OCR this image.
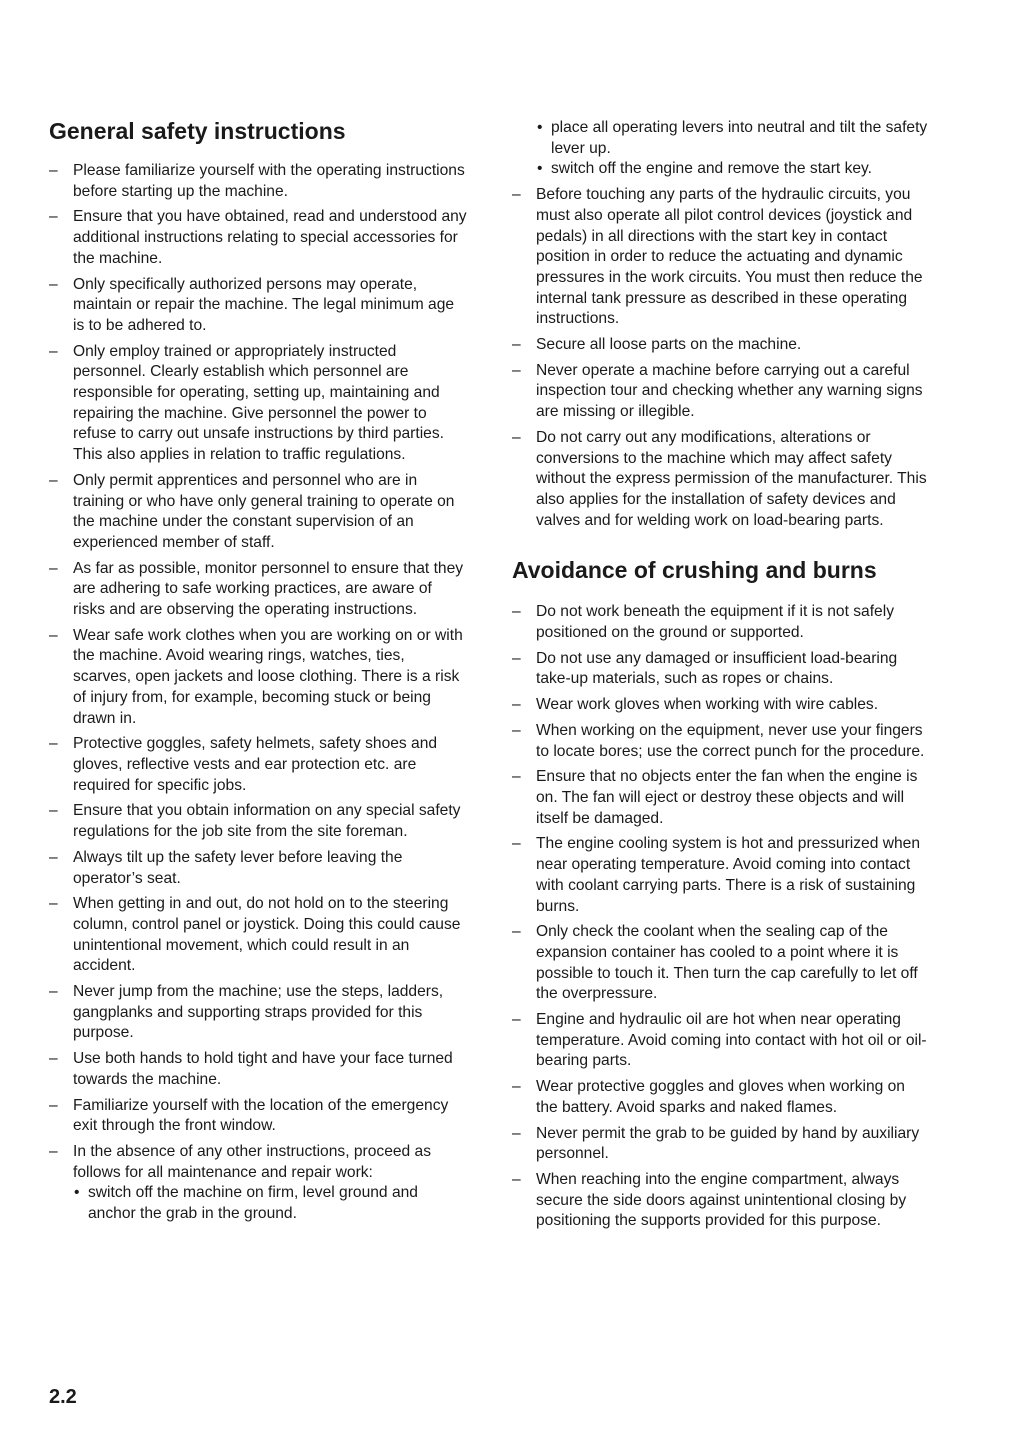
General safety instructions
– Please familiarize yourself with the operating instructions before starting up the machine.
– Ensure that you have obtained, read and understood any additional instructions relating to special accessories for the machine.
– Only specifically authorized persons may operate, maintain or repair the machine. The legal minimum age is to be adhered to.
– Only employ trained or appropriately instructed personnel. Clearly establish which personnel are responsible for operating, setting up, maintaining and repairing the machine. Give personnel the power to refuse to carry out unsafe instructions by third parties. This also applies in relation to traffic regulations.
– Only permit apprentices and personnel who are in training or who have only general training to operate on the machine under the constant supervision of an experienced member of staff.
– As far as possible, monitor personnel to ensure that they are adhering to safe working practices, are aware of risks and are observing the operating instructions.
– Wear safe work clothes when you are working on or with the machine. Avoid wearing rings, watches, ties, scarves, open jackets and loose clothing. There is a risk of injury from, for example, becoming stuck or being drawn in.
– Protective goggles, safety helmets, safety shoes and gloves, reflective vests and ear protection etc. are required for specific jobs.
– Ensure that you obtain information on any special safety regulations for the job site from the site foreman.
– Always tilt up the safety lever before leaving the operator’s seat.
– When getting in and out, do not hold on to the steering column, control panel or joystick. Doing this could cause unintentional movement, which could result in an accident.
– Never jump from the machine; use the steps, ladders, gangplanks and supporting straps provided for this purpose.
– Use both hands to hold tight and have your face turned towards the machine.
– Familiarize yourself with the location of the emergency exit through the front window.
– In the absence of any other instructions, proceed as follows for all maintenance and repair work:
• switch off the machine on firm, level ground and anchor the grab in the ground.
• place all operating levers into neutral and tilt the safety lever up.
• switch off the engine and remove the start key.
– Before touching any parts of the hydraulic circuits, you must also operate all pilot control devices (joystick and pedals) in all directions with the start key in contact position in order to reduce the actuating and dynamic pressures in the work circuits. You must then reduce the internal tank pressure as described in these operating instructions.
– Secure all loose parts on the machine.
– Never operate a machine before carrying out a careful inspection tour and checking whether any warning signs are missing or illegible.
– Do not carry out any modifications, alterations or conversions to the machine which may affect safety without the express permission of the manufacturer. This also applies for the installation of safety devices and valves and for welding work on load-bearing parts.
Avoidance of crushing and burns
– Do not work beneath the equipment if it is not safely positioned on the ground or supported.
– Do not use any damaged or insufficient load-bearing take-up materials, such as ropes or chains.
– Wear work gloves when working with wire cables.
– When working on the equipment, never use your fingers to locate bores; use the correct punch for the procedure.
– Ensure that no objects enter the fan when the engine is on. The fan will eject or destroy these objects and will itself be damaged.
– The engine cooling system is hot and pressurized when near operating temperature. Avoid coming into contact with coolant carrying parts. There is a risk of sustaining burns.
– Only check the coolant when the sealing cap of the expansion container has cooled to a point where it is possible to touch it. Then turn the cap carefully to let off the overpressure.
– Engine and hydraulic oil are hot when near operating temperature. Avoid coming into contact with hot oil or oil-bearing parts.
– Wear protective goggles and gloves when working on the battery. Avoid sparks and naked flames.
– Never permit the grab to be guided by hand by auxiliary personnel.
– When reaching into the engine compartment, always secure the side doors against unintentional closing by positioning the supports provided for this purpose.
2.2
